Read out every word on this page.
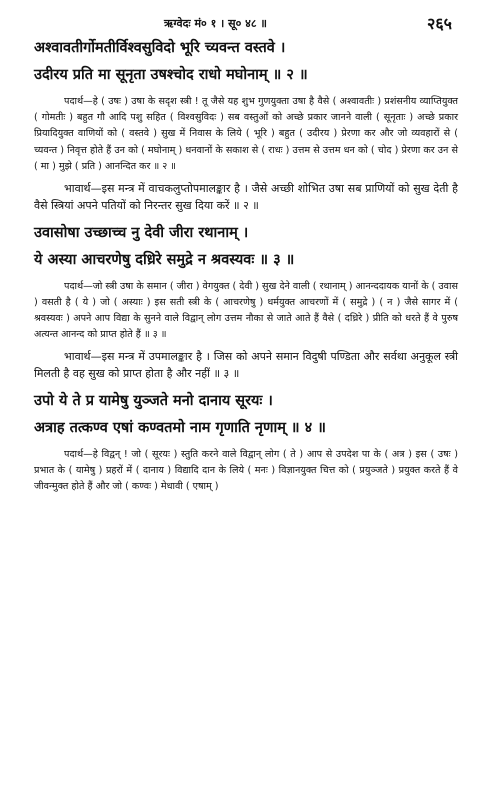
ऋग्वेदः मं० १ । सू० ४८ ॥	२६५
अश्वावतीर्गोमतीर्विश्वसुविदो भूरि च्यवन्त वस्तवे ।
उदीरय प्रति मा सूनृता उषश्चोद राधो मघोनाम् ॥ २ ॥

पदार्थ—हे ( उषः ) उषा के सदृश स्त्री ! तू जैसे यह शुभ गुणयुक्ता उषा है वैसे ( अश्वावतीः ) प्रशंसनीय व्याप्तियुक्त ( गोमतीः ) बहुत गौ आदि पशु सहित ( विश्वसुविदः ) सब वस्तुओं को अच्छे प्रकार जानने वाली ( सूनृताः ) अच्छे प्रकार प्रियादियुक्त वाणियों को ( वस्तवे ) सुख में निवास के लिये ( भूरि ) बहुत ( उदीरय ) प्रेरणा कर और जो व्यवहारों से ( च्यवन्त ) निवृत्त होते हैं उन को ( मघोनाम् ) धनवानों के सकाश से ( राधः ) उत्तम से उत्तम धन को ( चोद ) प्रेरणा कर उन से ( मा ) मुझे ( प्रति ) आनन्दित कर ॥ २ ॥

भावार्थ—इस मन्त्र में वाचकलुप्तोपमालङ्कार है । जैसे अच्छी शोभित उषा सब प्राणियों को सुख देती है वैसे स्त्रियां अपने पतियों को निरन्तर सुख दिया करें ॥ २ ॥

उवासोषा उच्छाच्च नु देवी जीरा रथानाम् ।
ये अस्या आचरणेषु दध्रिरे समुद्रे न श्रवस्यवः ॥ ३ ॥

पदार्थ—जो स्त्री उषा के समान ( जीरा ) वेगयुक्त ( देवी ) सुख देने वाली ( रथानाम् ) आनन्ददायक यानों के ( उवास ) वसती है ( ये ) जो ( अस्याः ) इस सती स्त्री के ( आचरणेषु ) धर्मयुक्त आचरणों में ( समुद्रे ) ( न ) जैसे सागर में ( श्रवस्यवः ) अपने आप विद्या के सुनने वाले विद्वान् लोग उत्तम नौका से जाते आते हैं वैसे ( दध्रिरे ) प्रीति को धरते हैं वे पुरुष अत्यन्त आनन्द को प्राप्त होते हैं ॥ ३ ॥

भावार्थ—इस मन्त्र में उपमालङ्कार है । जिस को अपने समान विदुषी पण्डिता और सर्वथा अनुकूल स्त्री मिलती है वह सुख को प्राप्त होता है और नहीं ॥ ३ ॥

उपो ये ते प्र यामेषु युञ्जते मनो दानाय सूरयः ।
अत्राह तत्कण्व एषां कण्वतमो नाम गृणाति नृणाम् ॥ ४ ॥

पदार्थ—हे विद्वन् ! जो ( सूरयः ) स्तुति करने वाले विद्वान् लोग ( ते ) आप से उपदेश पा के ( अत्र ) इस ( उषः ) प्रभात के ( यामेषु ) प्रहरों में ( दानाय ) विद्यादि दान के लिये ( मनः ) विज्ञानयुक्त चित्त को ( प्रयुञ्जते ) प्रयुक्त करते हैं वे जीवन्मुक्त होते हैं और जो ( कण्वः ) मेधावी ( एषाम् )
